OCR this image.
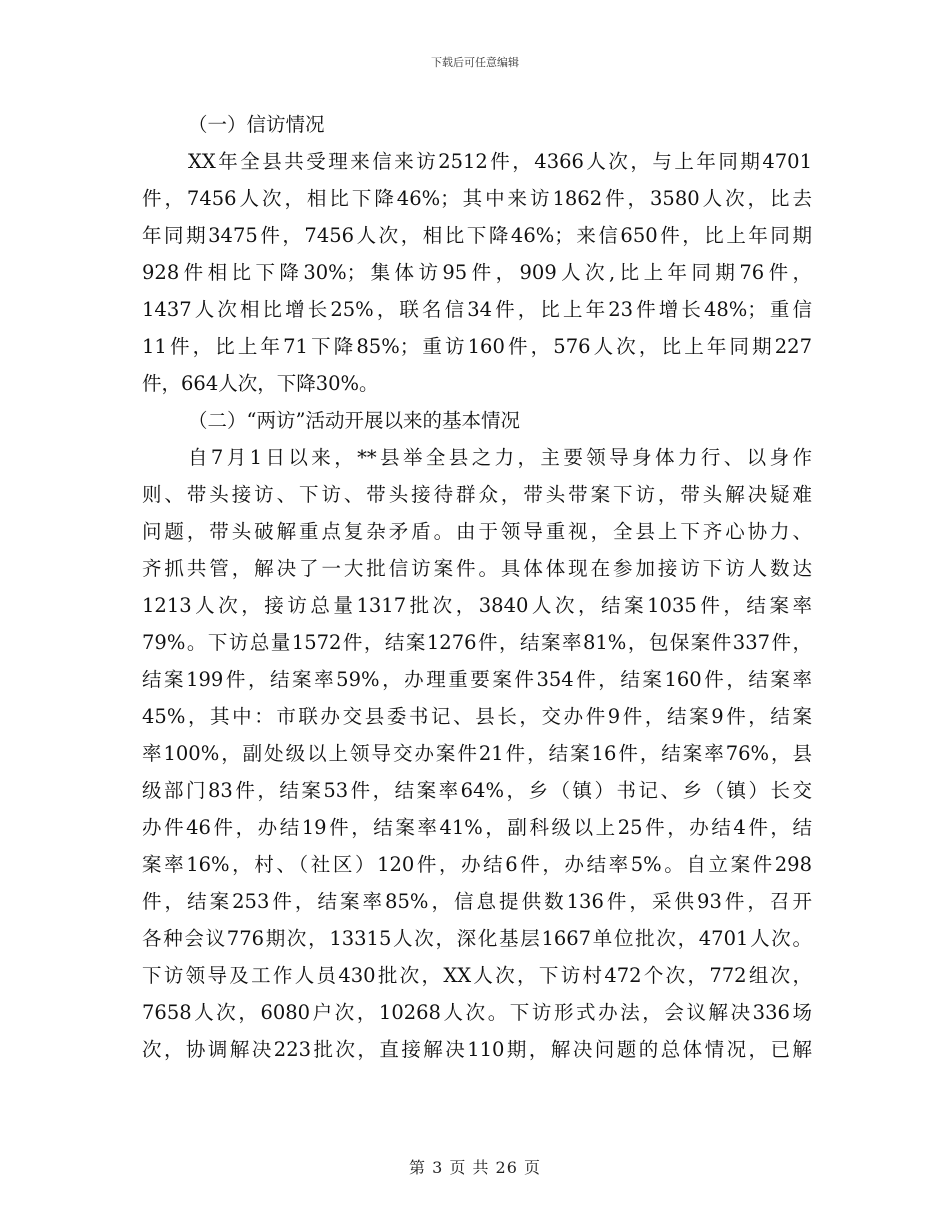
下载后可任意编辑
（一）信访情况
XX年全县共受理来信来访2512件，4366人次，与上年同期4701
件，7456人次，相比下降46%；其中来访1862件，3580人次，比去
年同期3475件，7456人次，相比下降46%；来信650件，比上年同期
928件相比下降30%；集体访95件，909人次,比上年同期76件，
1437人次相比增长25%，联名信34件，比上年23件增长48%；重信
11件，比上年71下降85%；重访160件，576人次，比上年同期227
件，664人次，下降30%。
（二）“两访”活动开展以来的基本情况
自7月1日以来，**县举全县之力，主要领导身体力行、以身作
则、带头接访、下访、带头接待群众，带头带案下访，带头解决疑难
问题，带头破解重点复杂矛盾。由于领导重视，全县上下齐心协力、
齐抓共管，解决了一大批信访案件。具体体现在参加接访下访人数达
1213人次，接访总量1317批次，3840人次，结案1035件，结案率
79%。下访总量1572件，结案1276件，结案率81%，包保案件337件，
结案199件，结案率59%，办理重要案件354件，结案160件，结案率
45%，其中：市联办交县委书记、县长，交办件9件，结案9件，结案
率100%，副处级以上领导交办案件21件，结案16件，结案率76%，县
级部门83件，结案53件，结案率64%，乡（镇）书记、乡（镇）长交
办件46件，办结19件，结案率41%，副科级以上25件，办结4件，结
案率16%，村、（社区）120件，办结6件，办结率5%。自立案件298
件，结案253件，结案率85%，信息提供数136件，采供93件，召开
各种会议776期次，13315人次，深化基层1667单位批次，4701人次。
下访领导及工作人员430批次，XX人次，下访村472个次，772组次，
7658人次，6080户次，10268人次。下访形式办法，会议解决336场
次，协调解决223批次，直接解决110期，解决问题的总体情况，已解
第 3 页 共 26 页
